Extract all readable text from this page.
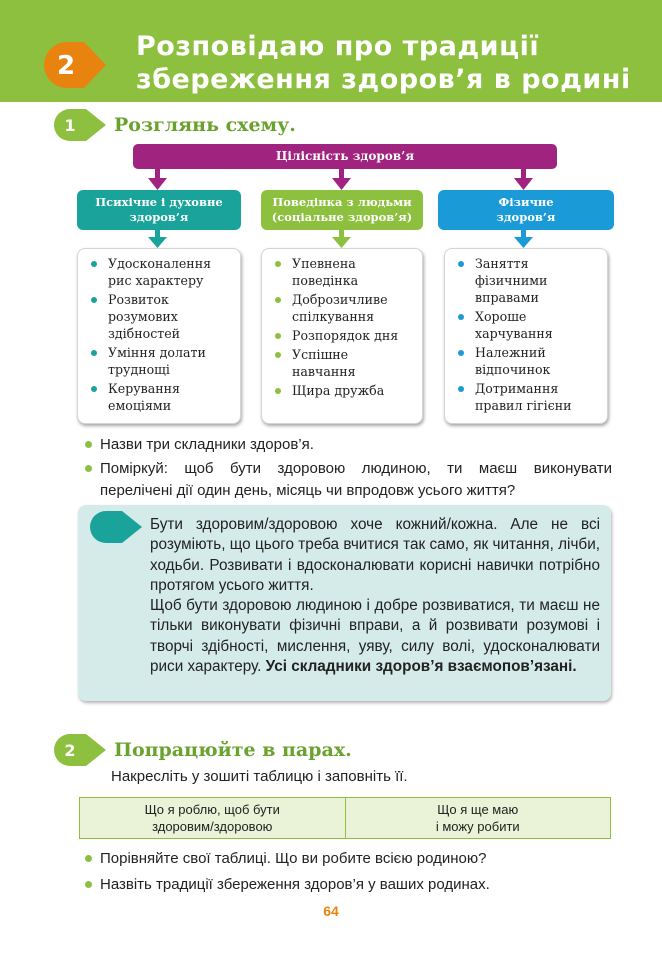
2
Розповідаю про традиції
збереження здоров’я в родині
1 Розглянь схему.
Цілісність здоров’я
Психічне і духовне
здоров’я
Поведінка з людьми
(соціальне здоров’я)
Фізичне
здоров’я
Удосконалення
рис характеру
Розвиток
розумових
здібностей
Уміння долати
труднощі
Керування
емоціями
Упевнена
поведінка
Доброзичливе
спілкування
Розпорядок дня
Успішне
навчання
Щира дружба
Заняття
фізичними
вправами
Хороше
харчування
Належний
відпочинок
Дотримання
правил гігієни
Назви три складники здоров’я.
Поміркуй: щоб бути здоровою людиною, ти маєш виконувати
перелічені дії один день, місяць чи впродовж усього життя?
Бути здоровим/здоровою хоче кожний/кожна. Але не всі розуміють, що цього треба вчитися так само, як читання, лічби, ходьби. Розвивати і вдосконалювати корисні навички потрібно протягом усього життя.
Щоб бути здоровою людиною і добре розвиватися, ти маєш не тільки виконувати фізичні вправи, а й розвивати розумові і творчі здібності, мислення, уяву, силу волі, удосконалювати риси характеру. Усі складники здоров’я взаємопов’язані.
2 Попрацюйте в парах.
Накресліть у зошиті таблицю і заповніть її.
Що я роблю, щоб бути
здоровим/здоровою
Що я ще маю
і можу робити
Порівняйте свої таблиці. Що ви робите всією родиною?
Назвіть традиції збереження здоров’я у ваших родинах.
64
